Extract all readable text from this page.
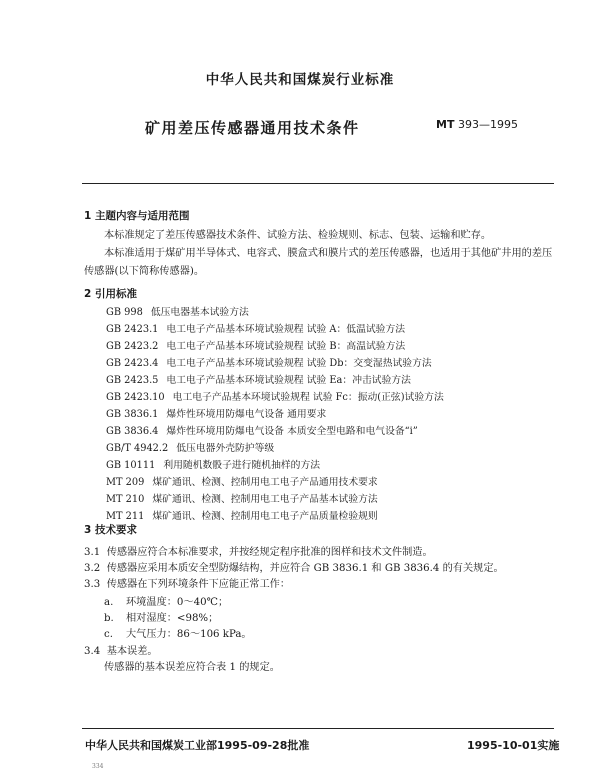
中华人民共和国煤炭行业标准
矿用差压传感器通用技术条件	MT 393—1995
1 主题内容与适用范围
本标准规定了差压传感器技术条件、试验方法、检验规则、标志、包装、运输和贮存。
本标准适用于煤矿用半导体式、电容式、膜盒式和膜片式的差压传感器，也适用于其他矿井用的差压传感器(以下简称传感器)。
2 引用标准
GB 998 低压电器基本试验方法
GB 2423.1 电工电子产品基本环境试验规程 试验 A：低温试验方法
GB 2423.2 电工电子产品基本环境试验规程 试验 B：高温试验方法
GB 2423.4 电工电子产品基本环境试验规程 试验 Db：交变湿热试验方法
GB 2423.5 电工电子产品基本环境试验规程 试验 Ea：冲击试验方法
GB 2423.10 电工电子产品基本环境试验规程 试验 Fc：振动(正弦)试验方法
GB 3836.1 爆炸性环境用防爆电气设备 通用要求
GB 3836.4 爆炸性环境用防爆电气设备 本质安全型电路和电气设备“i”
GB/T 4942.2 低压电器外壳防护等级
GB 10111 利用随机数骰子进行随机抽样的方法
MT 209 煤矿通讯、检测、控制用电工电子产品通用技术要求
MT 210 煤矿通讯、检测、控制用电工电子产品基本试验方法
MT 211 煤矿通讯、检测、控制用电工电子产品质量检验规则
3 技术要求
3.1 传感器应符合本标准要求，并按经规定程序批准的图样和技术文件制造。
3.2 传感器应采用本质安全型防爆结构，并应符合 GB 3836.1 和 GB 3836.4 的有关规定。
3.3 传感器在下列环境条件下应能正常工作：
a. 环境温度：0～40℃；
b. 相对湿度：<98%；
c. 大气压力：86～106 kPa。
3.4 基本误差。
传感器的基本误差应符合表 1 的规定。
中华人民共和国煤炭工业部1995-09-28批准	1995-10-01实施
334
